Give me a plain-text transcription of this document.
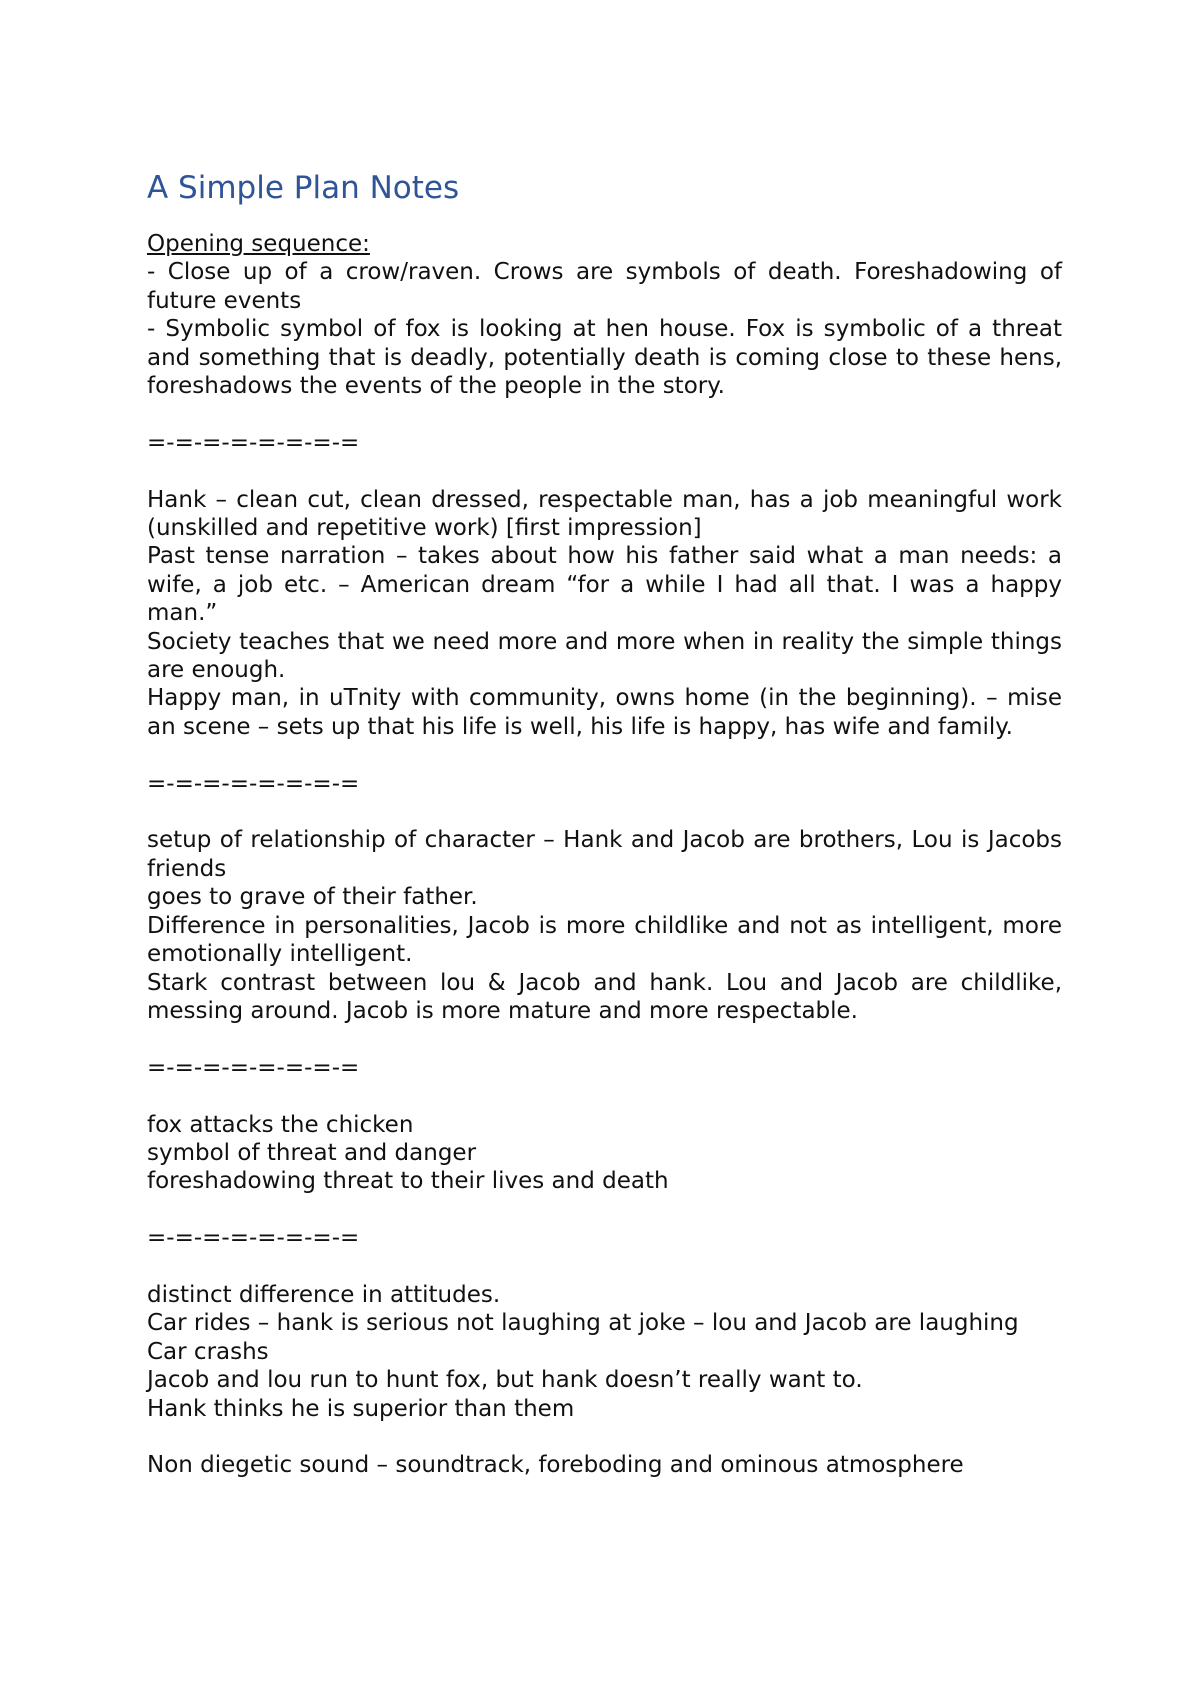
A Simple Plan Notes

Opening sequence:

- Close up of a crow/raven. Crows are symbols of death. Foreshadowing of future events

- Symbolic symbol of fox is looking at hen house. Fox is symbolic of a threat and something that is deadly, potentially death is coming close to these hens, foreshadows the events of the people in the story.

=-=-=-=-=-=-=-=

Hank – clean cut, clean dressed, respectable man, has a job meaningful work (unskilled and repetitive work) [first impression]

Past tense narration – takes about how his father said what a man needs: a wife, a job etc. – American dream “for a while I had all that. I was a happy man.”

Society teaches that we need more and more when in reality the simple things are enough.

Happy man, in uTnity with community, owns home (in the beginning). – mise an scene – sets up that his life is well, his life is happy, has wife and family.

=-=-=-=-=-=-=-=

setup of relationship of character – Hank and Jacob are brothers, Lou is Jacobs friends

goes to grave of their father.

Difference in personalities, Jacob is more childlike and not as intelligent, more emotionally intelligent.

Stark contrast between lou & Jacob and hank. Lou and Jacob are childlike, messing around. Jacob is more mature and more respectable.

=-=-=-=-=-=-=-=

fox attacks the chicken

symbol of threat and danger

foreshadowing threat to their lives and death

=-=-=-=-=-=-=-=

distinct difference in attitudes.

Car rides – hank is serious not laughing at joke – lou and Jacob are laughing

Car crashs

Jacob and lou run to hunt fox, but hank doesn’t really want to.

Hank thinks he is superior than them

Non diegetic sound – soundtrack, foreboding and ominous atmosphere
